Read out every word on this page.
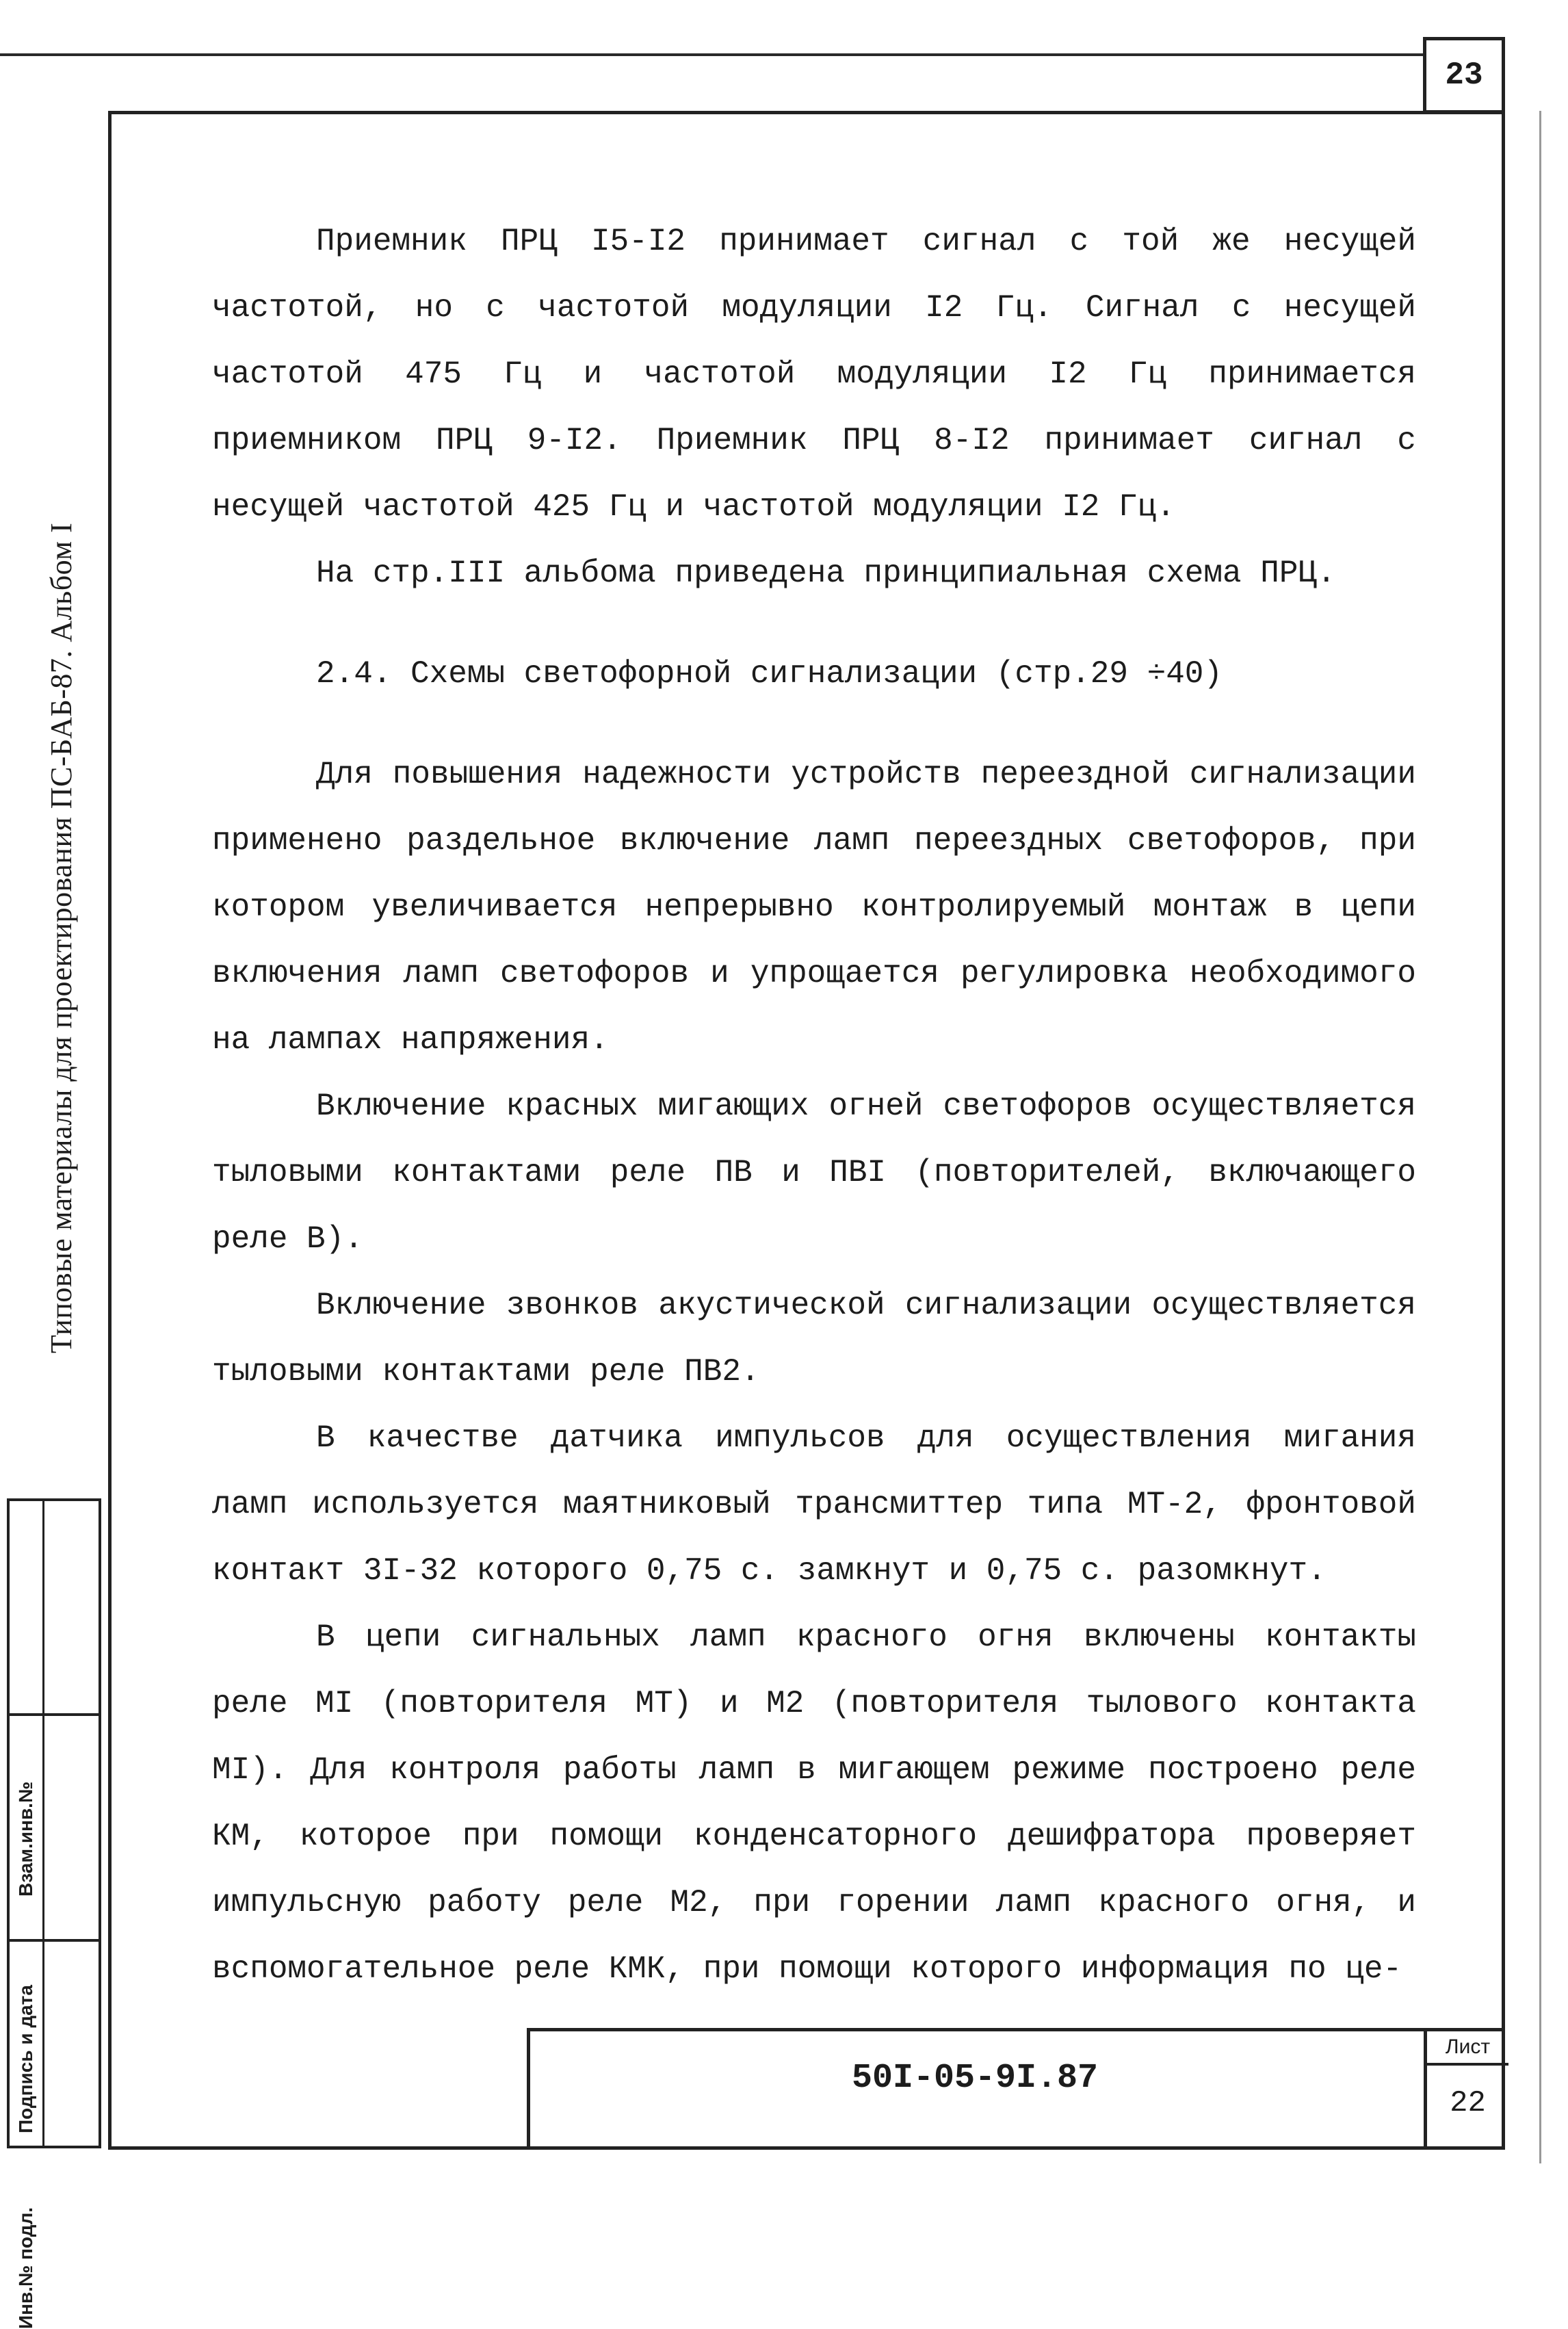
23
Типовые материалы для проектирования ПС-БАБ-87. Альбом I
Взам.инв.№
Подпись и дата
Инв.№ подл.

Приемник ПРЦ I5-I2 принимает сигнал с той же несущей частотой, но с частотой модуляции I2 Гц. Сигнал с несущей частотой 475 Гц и частотой модуляции I2 Гц принимается приемником ПРЦ 9-I2. Приемник ПРЦ 8-I2 принимает сигнал с несущей частотой 425 Гц и частотой модуляции I2 Гц.

На стр.III альбома приведена принципиальная схема ПРЦ.

2.4. Схемы светофорной сигнализации (стр.29 ÷40)

Для повышения надежности устройств переездной сигнализации применено раздельное включение ламп переездных светофоров, при котором увеличивается непрерывно контролируемый монтаж в цепи включения ламп светофоров и упрощается регулировка необходимого на лампах напряжения.

Включение красных мигающих огней светофоров осуществляется тыловыми контактами реле ПВ и ПВI (повторителей, включающего реле В).

Включение звонков акустической сигнализации осуществляется тыловыми контактами реле ПВ2.

В качестве датчика импульсов для осуществления мигания ламп используется маятниковый трансмиттер типа МТ-2, фронтовой контакт 3I-32 которого 0,75 с. замкнут и 0,75 с. разомкнут.

В цепи сигнальных ламп красного огня включены контакты реле МI (повторителя МТ) и М2 (повторителя тылового контакта МI). Для контроля работы ламп в мигающем режиме построено реле КМ, которое при помощи конденсаторного дешифратора проверяет импульсную работу реле М2, при горении ламп красного огня, и вспомогательное реле КМК, при помощи которого информация по це-

50I-05-9I.87
Лист
22
